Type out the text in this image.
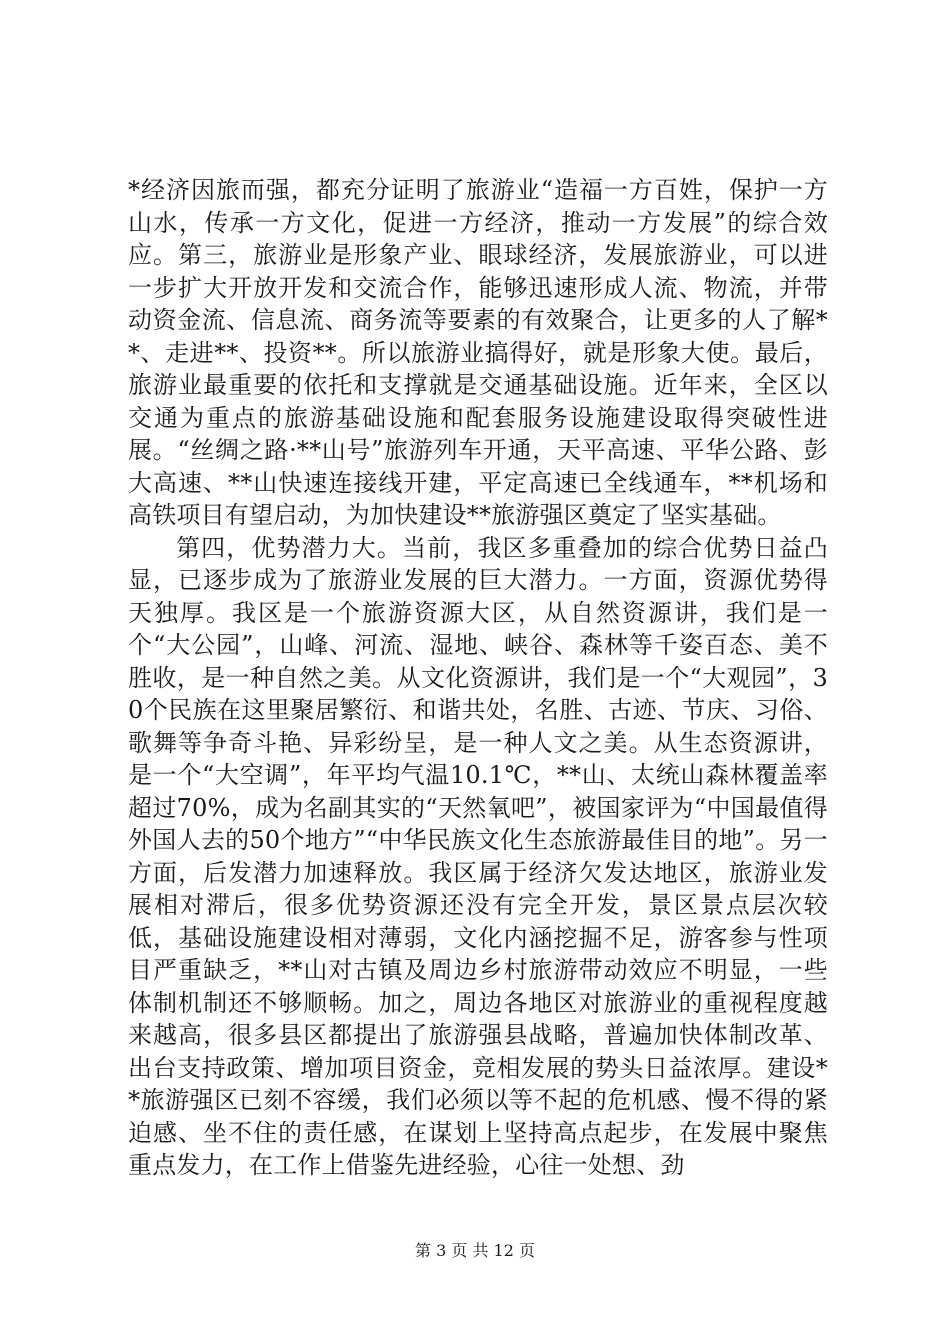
*经济因旅而强，都充分证明了旅游业“造福一方百姓，保护一方山水，传承一方文化，促进一方经济，推动一方发展”的综合效应。第三，旅游业是形象产业、眼球经济，发展旅游业，可以进一步扩大开放开发和交流合作，能够迅速形成人流、物流，并带动资金流、信息流、商务流等要素的有效聚合，让更多的人了解**、走进**、投资**。所以旅游业搞得好，就是形象大使。最后，旅游业最重要的依托和支撑就是交通基础设施。近年来，全区以交通为重点的旅游基础设施和配套服务设施建设取得突破性进展。“丝绸之路·**山号”旅游列车开通，天平高速、平华公路、彭大高速、**山快速连接线开建，平定高速已全线通车，**机场和高铁项目有望启动，为加快建设**旅游强区奠定了坚实基础。

第四，优势潜力大。当前，我区多重叠加的综合优势日益凸显，已逐步成为了旅游业发展的巨大潜力。一方面，资源优势得天独厚。我区是一个旅游资源大区，从自然资源讲，我们是一个“大公园”，山峰、河流、湿地、峡谷、森林等千姿百态、美不胜收，是一种自然之美。从文化资源讲，我们是一个“大观园”，30个民族在这里聚居繁衍、和谐共处，名胜、古迹、节庆、习俗、歌舞等争奇斗艳、异彩纷呈，是一种人文之美。从生态资源讲，是一个“大空调”，年平均气温10.1℃，**山、太统山森林覆盖率超过70%，成为名副其实的“天然氧吧”，被国家评为“中国最值得外国人去的50个地方”“中华民族文化生态旅游最佳目的地”。另一方面，后发潜力加速释放。我区属于经济欠发达地区，旅游业发展相对滞后，很多优势资源还没有完全开发，景区景点层次较低，基础设施建设相对薄弱，文化内涵挖掘不足，游客参与性项目严重缺乏，**山对古镇及周边乡村旅游带动效应不明显，一些体制机制还不够顺畅。加之，周边各地区对旅游业的重视程度越来越高，很多县区都提出了旅游强县战略，普遍加快体制改革、出台支持政策、增加项目资金，竞相发展的势头日益浓厚。建设**旅游强区已刻不容缓，我们必须以等不起的危机感、慢不得的紧迫感、坐不住的责任感，在谋划上坚持高点起步，在发展中聚焦重点发力，在工作上借鉴先进经验，心往一处想、劲

第 3 页 共 12 页
